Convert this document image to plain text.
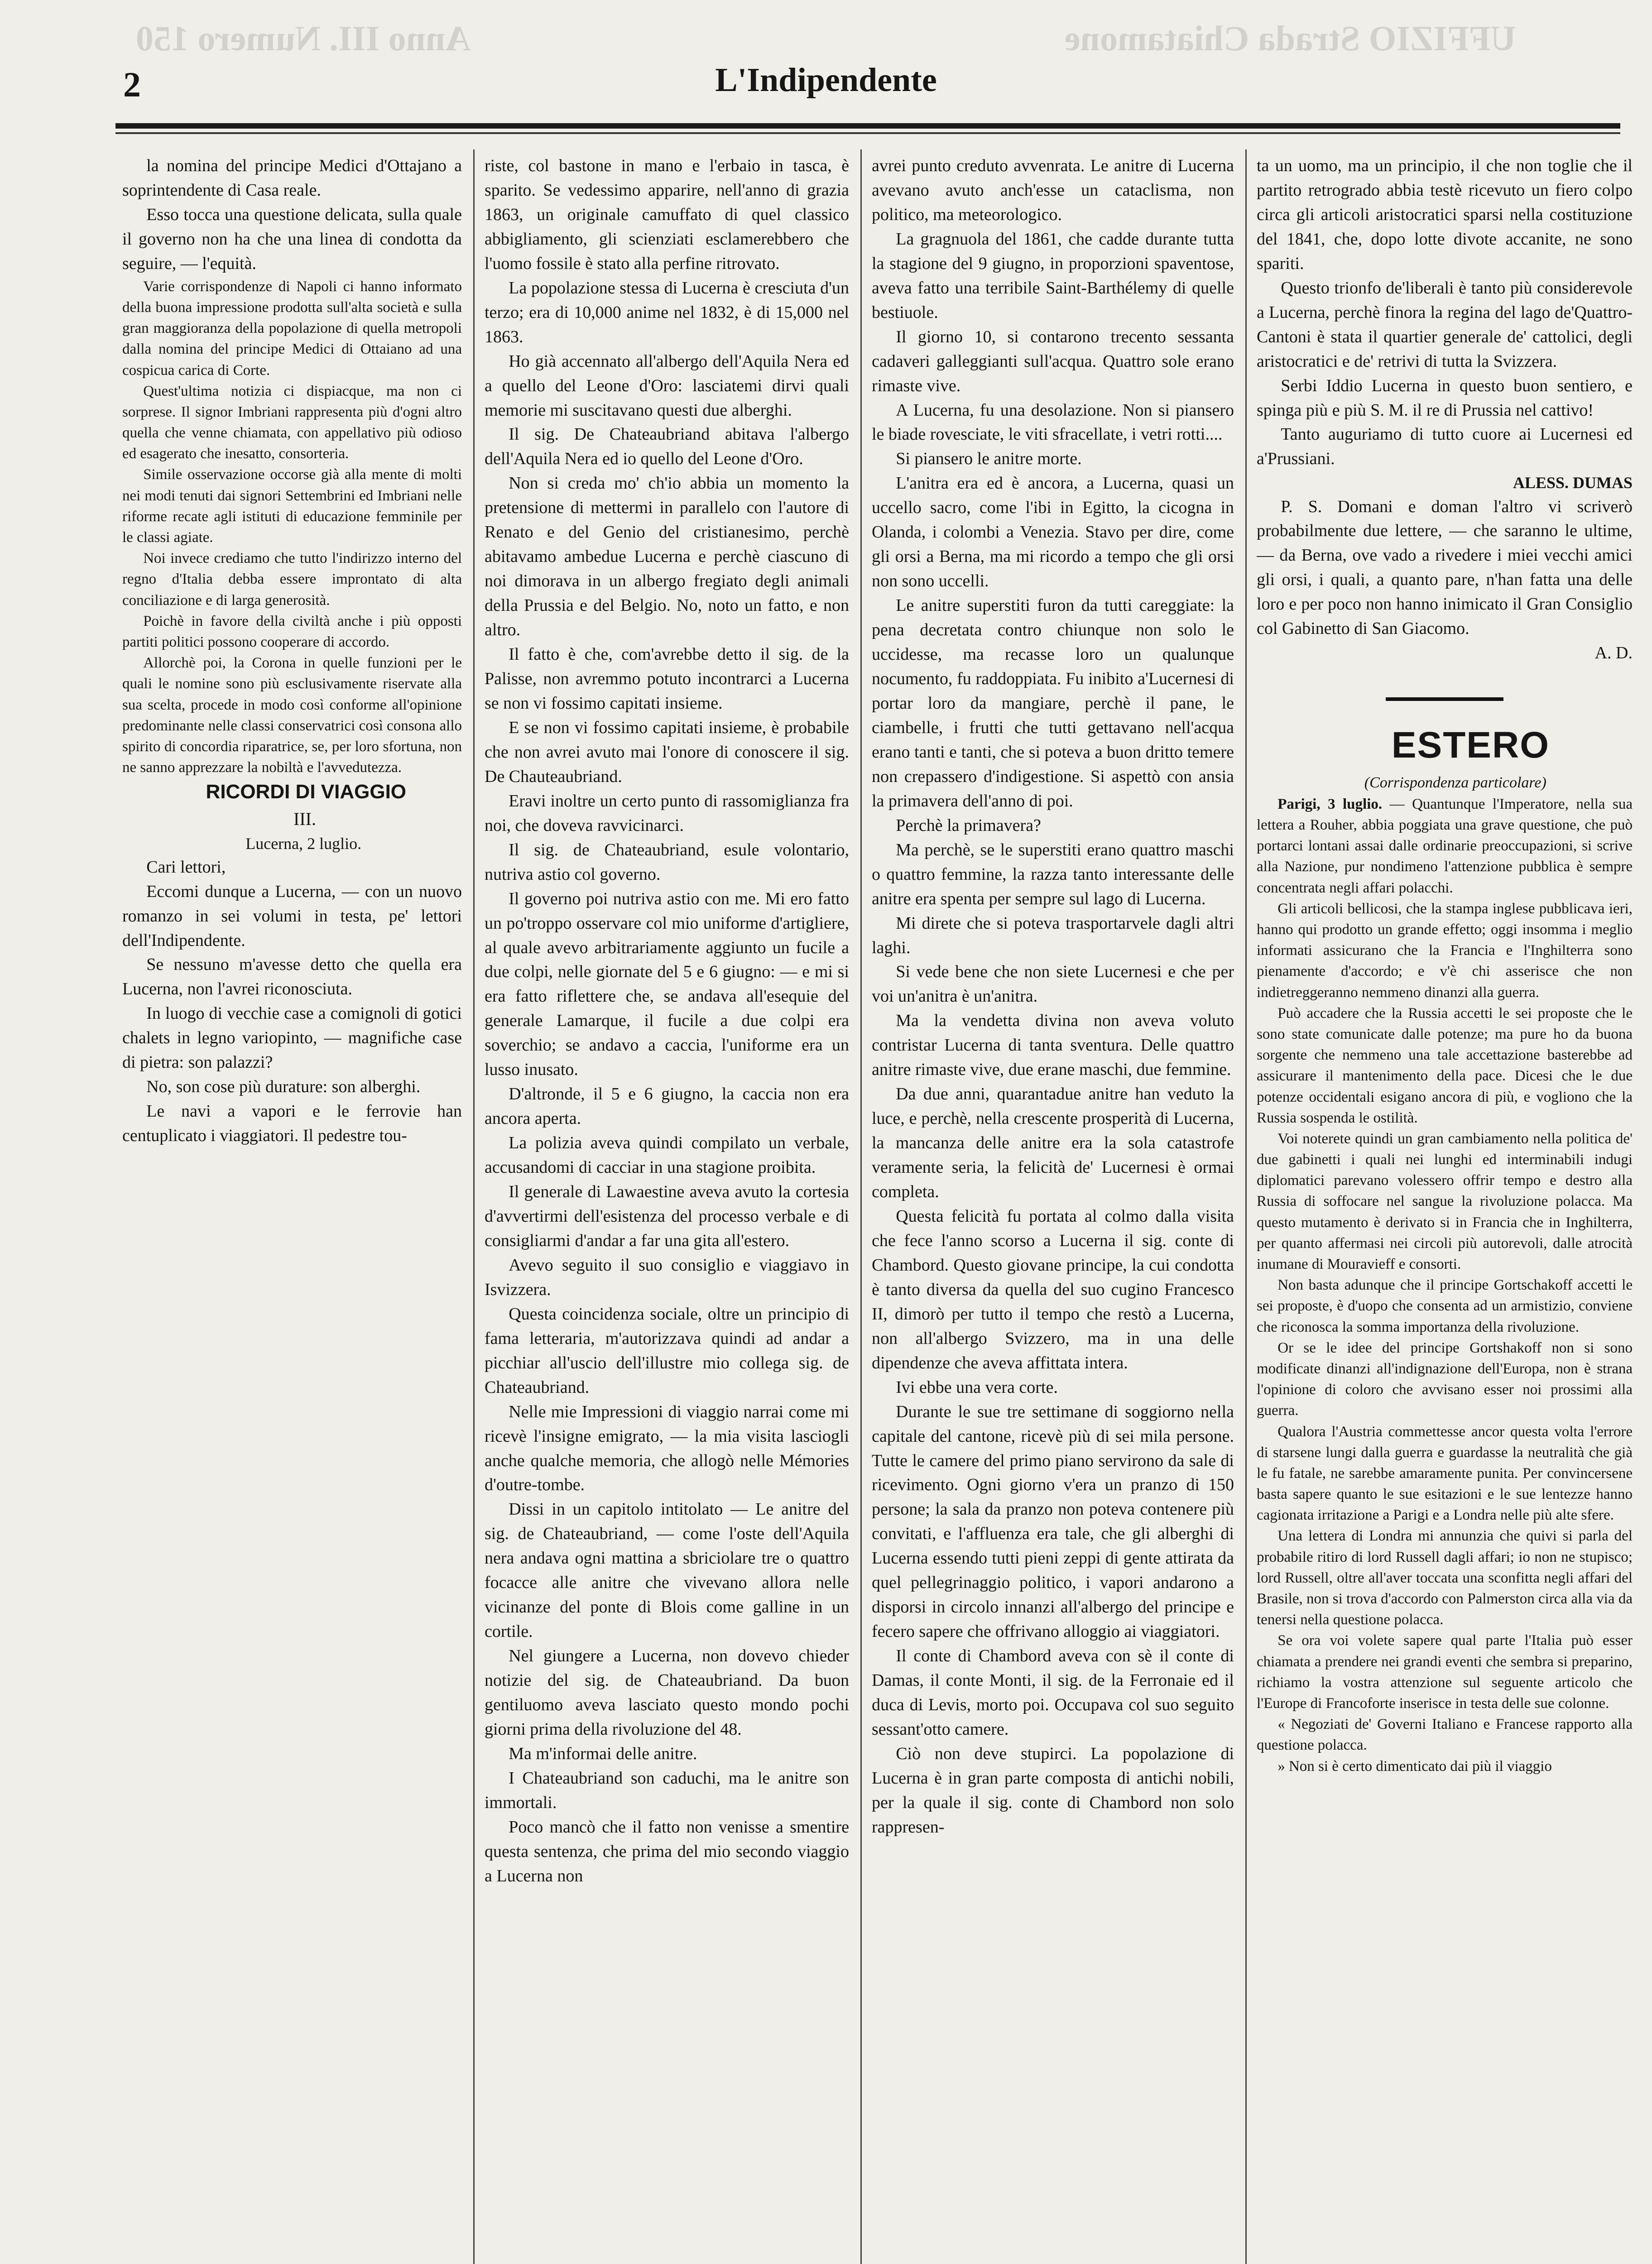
Anno III. Numero 150	UFFIZIO Strada Chiatamone
2	L'Indipendente

la nomina del principe Medici d'Ottajano a soprintendente di Casa reale.

Esso tocca una questione delicata, sulla quale il governo non ha che una linea di condotta da seguire, — l'equità.

Varie corrispondenze di Napoli ci hanno informato della buona impressione prodotta sull'alta società e sulla gran maggioranza della popolazione di quella metropoli dalla nomina del principe Medici di Ottaiano ad una cospicua carica di Corte.

Quest'ultima notizia ci dispiacque, ma non ci sorprese. Il signor Imbriani rappresenta più d'ogni altro quella che venne chiamata, con appellativo più odioso ed esagerato che inesatto, consorteria.

Simile osservazione occorse già alla mente di molti nei modi tenuti dai signori Settembrini ed Imbriani nelle riforme recate agli istituti di educazione femminile per le classi agiate.

Noi invece crediamo che tutto l'indirizzo interno del regno d'Italia debba essere improntato di alta conciliazione e di larga generosità.

Poichè in favore della civiltà anche i più opposti partiti politici possono cooperare di accordo.

Allorchè poi, la Corona in quelle funzioni per le quali le nomine sono più esclusivamente riservate alla sua scelta, procede in modo così conforme all'opinione predominante nelle classi conservatrici così consona allo spirito di concordia riparatrice, se, per loro sfortuna, non ne sanno apprezzare la nobiltà e l'avvedutezza.

RICORDI DI VIAGGIO

III.

Lucerna, 2 luglio.

Cari lettori,

Eccomi dunque a Lucerna, — con un nuovo romanzo in sei volumi in testa, pe' lettori dell'Indipendente.

Se nessuno m'avesse detto che quella era Lucerna, non l'avrei riconosciuta.

In luogo di vecchie case a comignoli di gotici chalets in legno variopinto, — magnifiche case di pietra: son palazzi?

No, son cose più durature: son alberghi.

Le navi a vapori e le ferrovie han centuplicato i viaggiatori. Il pedestre tou-

riste, col bastone in mano e l'erbaio in tasca, è sparito. Se vedessimo apparire, nell'anno di grazia 1863, un originale camuffato di quel classico abbigliamento, gli scienziati esclamerebbero che l'uomo fossile è stato alla perfine ritrovato.

La popolazione stessa di Lucerna è cresciuta d'un terzo; era di 10,000 anime nel 1832, è di 15,000 nel 1863.

Ho già accennato all'albergo dell'Aquila Nera ed a quello del Leone d'Oro: lasciatemi dirvi quali memorie mi suscitavano questi due alberghi.

Il sig. De Chateaubriand abitava l'albergo dell'Aquila Nera ed io quello del Leone d'Oro.

Non si creda mo' ch'io abbia un momento la pretensione di mettermi in parallelo con l'autore di Renato e del Genio del cristianesimo, perchè abitavamo ambedue Lucerna e perchè ciascuno di noi dimorava in un albergo fregiato degli animali della Prussia e del Belgio. No, noto un fatto, e non altro.

Il fatto è che, com'avrebbe detto il sig. de la Palisse, non avremmo potuto incontrarci a Lucerna se non vi fossimo capitati insieme.

E se non vi fossimo capitati insieme, è probabile che non avrei avuto mai l'onore di conoscere il sig. De Chauteaubriand.

Eravi inoltre un certo punto di rassomiglianza fra noi, che doveva ravvicinarci.

Il sig. de Chateaubriand, esule volontario, nutriva astio col governo.

Il governo poi nutriva astio con me. Mi ero fatto un po'troppo osservare col mio uniforme d'artigliere, al quale avevo arbitrariamente aggiunto un fucile a due colpi, nelle giornate del 5 e 6 giugno: — e mi si era fatto riflettere che, se andava all'esequie del generale Lamarque, il fucile a due colpi era soverchio; se andavo a caccia, l'uniforme era un lusso inusato.

D'altronde, il 5 e 6 giugno, la caccia non era ancora aperta.

La polizia aveva quindi compilato un verbale, accusandomi di cacciar in una stagione proibita.

Il generale di Lawaestine aveva avuto la cortesia d'avvertirmi dell'esistenza del processo verbale e di consigliarmi d'andar a far una gita all'estero.

Avevo seguito il suo consiglio e viaggiavo in Isvizzera.

Questa coincidenza sociale, oltre un principio di fama letteraria, m'autorizzava quindi ad andar a picchiar all'uscio dell'illustre mio collega sig. de Chateaubriand.

Nelle mie Impressioni di viaggio narrai come mi ricevè l'insigne emigrato, — la mia visita lasciogli anche qualche memoria, che allogò nelle Mémories d'outre-tombe.

Dissi in un capitolo intitolato — Le anitre del sig. de Chateaubriand, — come l'oste dell'Aquila nera andava ogni mattina a sbriciolare tre o quattro focacce alle anitre che vivevano allora nelle vicinanze del ponte di Blois come galline in un cortile.

Nel giungere a Lucerna, non dovevo chieder notizie del sig. de Chateaubriand. Da buon gentiluomo aveva lasciato questo mondo pochi giorni prima della rivoluzione del 48.

Ma m'informai delle anitre.

I Chateaubriand son caduchi, ma le anitre son immortali.

Poco mancò che il fatto non venisse a smentire questa sentenza, che prima del mio secondo viaggio a Lucerna non

avrei punto creduto avvenrata. Le anitre di Lucerna avevano avuto anch'esse un cataclisma, non politico, ma meteorologico.

La gragnuola del 1861, che cadde durante tutta la stagione del 9 giugno, in proporzioni spaventose, aveva fatto una terribile Saint-Barthélemy di quelle bestiuole.

Il giorno 10, si contarono trecento sessanta cadaveri galleggianti sull'acqua. Quattro sole erano rimaste vive.

A Lucerna, fu una desolazione. Non si piansero le biade rovesciate, le viti sfracellate, i vetri rotti....

Si piansero le anitre morte.

L'anitra era ed è ancora, a Lucerna, quasi un uccello sacro, come l'ibi in Egitto, la cicogna in Olanda, i colombi a Venezia. Stavo per dire, come gli orsi a Berna, ma mi ricordo a tempo che gli orsi non sono uccelli.

Le anitre superstiti furon da tutti careggiate: la pena decretata contro chiunque non solo le uccidesse, ma recasse loro un qualunque nocumento, fu raddoppiata. Fu inibito a'Lucernesi di portar loro da mangiare, perchè il pane, le ciambelle, i frutti che tutti gettavano nell'acqua erano tanti e tanti, che si poteva a buon dritto temere non crepassero d'indigestione. Si aspettò con ansia la primavera dell'anno di poi.

Perchè la primavera?

Ma perchè, se le superstiti erano quattro maschi o quattro femmine, la razza tanto interessante delle anitre era spenta per sempre sul lago di Lucerna.

Mi direte che si poteva trasportarvele dagli altri laghi.

Si vede bene che non siete Lucernesi e che per voi un'anitra è un'anitra.

Ma la vendetta divina non aveva voluto contristar Lucerna di tanta sventura. Delle quattro anitre rimaste vive, due erane maschi, due femmine.

Da due anni, quarantadue anitre han veduto la luce, e perchè, nella crescente prosperità di Lucerna, la mancanza delle anitre era la sola catastrofe veramente seria, la felicità de' Lucernesi è ormai completa.

Questa felicità fu portata al colmo dalla visita che fece l'anno scorso a Lucerna il sig. conte di Chambord. Questo giovane principe, la cui condotta è tanto diversa da quella del suo cugino Francesco II, dimorò per tutto il tempo che restò a Lucerna, non all'albergo Svizzero, ma in una delle dipendenze che aveva affittata intera.

Ivi ebbe una vera corte.

Durante le sue tre settimane di soggiorno nella capitale del cantone, ricevè più di sei mila persone. Tutte le camere del primo piano servirono da sale di ricevimento. Ogni giorno v'era un pranzo di 150 persone; la sala da pranzo non poteva contenere più convitati, e l'affluenza era tale, che gli alberghi di Lucerna essendo tutti pieni zeppi di gente attirata da quel pellegrinaggio politico, i vapori andarono a disporsi in circolo innanzi all'albergo del principe e fecero sapere che offrivano alloggio ai viaggiatori.

Il conte di Chambord aveva con sè il conte di Damas, il conte Monti, il sig. de la Ferronaie ed il duca di Levis, morto poi. Occupava col suo seguito sessant'otto camere.

Ciò non deve stupirci. La popolazione di Lucerna è in gran parte composta di antichi nobili, per la quale il sig. conte di Chambord non solo rappresen-

ta un uomo, ma un principio, il che non toglie che il partito retrogrado abbia testè ricevuto un fiero colpo circa gli articoli aristocratici sparsi nella costituzione del 1841, che, dopo lotte divote accanite, ne sono spariti.

Questo trionfo de'liberali è tanto più considerevole a Lucerna, perchè finora la regina del lago de'Quattro-Cantoni è stata il quartier generale de' cattolici, degli aristocratici e de' retrivi di tutta la Svizzera.

Serbi Iddio Lucerna in questo buon sentiero, e spinga più e più S. M. il re di Prussia nel cattivo!

Tanto auguriamo di tutto cuore ai Lucernesi ed a'Prussiani.

ALESS. DUMAS

P. S. Domani e doman l'altro vi scriverò probabilmente due lettere, — che saranno le ultime, — da Berna, ove vado a rivedere i miei vecchi amici gli orsi, i quali, a quanto pare, n'han fatta una delle loro e per poco non hanno inimicato il Gran Consiglio col Gabinetto di San Giacomo.

A. D.

ESTERO

(Corrispondenza particolare)

Parigi, 3 luglio. — Quantunque l'Imperatore, nella sua lettera a Rouher, abbia poggiata una grave questione, che può portarci lontani assai dalle ordinarie preoccupazioni, si scrive alla Nazione, pur nondimeno l'attenzione pubblica è sempre concentrata negli affari polacchi.

Gli articoli bellicosi, che la stampa inglese pubblicava ieri, hanno qui prodotto un grande effetto; oggi insomma i meglio informati assicurano che la Francia e l'Inghilterra sono pienamente d'accordo; e v'è chi asserisce che non indietreggeranno nemmeno dinanzi alla guerra.

Può accadere che la Russia accetti le sei proposte che le sono state comunicate dalle potenze; ma pure ho da buona sorgente che nemmeno una tale accettazione basterebbe ad assicurare il mantenimento della pace. Dicesi che le due potenze occidentali esigano ancora di più, e vogliono che la Russia sospenda le ostilità.

Voi noterete quindi un gran cambiamento nella politica de' due gabinetti i quali nei lunghi ed interminabili indugi diplomatici parevano volessero offrir tempo e destro alla Russia di soffocare nel sangue la rivoluzione polacca. Ma questo mutamento è derivato si in Francia che in Inghilterra, per quanto affermasi nei circoli più autorevoli, dalle atrocità inumane di Mouravieff e consorti.

Non basta adunque che il principe Gortschakoff accetti le sei proposte, è d'uopo che consenta ad un armistizio, conviene che riconosca la somma importanza della rivoluzione.

Or se le idee del principe Gortshakoff non si sono modificate dinanzi all'indignazione dell'Europa, non è strana l'opinione di coloro che avvisano esser noi prossimi alla guerra.

Qualora l'Austria commettesse ancor questa volta l'errore di starsene lungi dalla guerra e guardasse la neutralità che già le fu fatale, ne sarebbe amaramente punita. Per convincersene basta sapere quanto le sue esitazioni e le sue lentezze hanno cagionata irritazione a Parigi e a Londra nelle più alte sfere.

Una lettera di Londra mi annunzia che quivi si parla del probabile ritiro di lord Russell dagli affari; io non ne stupisco; lord Russell, oltre all'aver toccata una sconfitta negli affari del Brasile, non si trova d'accordo con Palmerston circa alla via da tenersi nella questione polacca.

Se ora voi volete sapere qual parte l'Italia può esser chiamata a prendere nei grandi eventi che sembra si preparino, richiamo la vostra attenzione sul seguente articolo che l'Europe di Francoforte inserisce in testa delle sue colonne.

« Negoziati de' Governi Italiano e Francese rapporto alla questione polacca.

» Non si è certo dimenticato dai più il viaggio
